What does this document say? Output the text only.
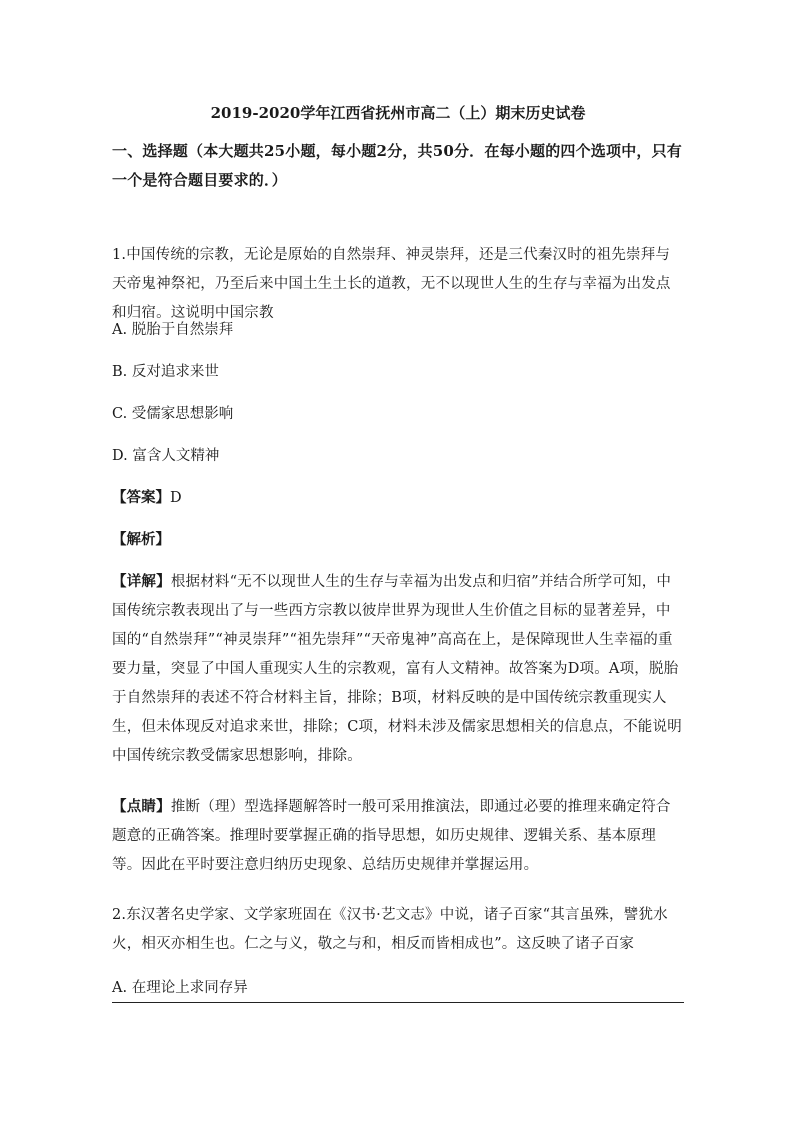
2019-2020学年江西省抚州市高二（上）期末历史试卷
一、选择题（本大题共25小题，每小题2分，共50分．在每小题的四个选项中，只有一个是符合题目要求的．）
1.中国传统的宗教，无论是原始的自然崇拜、神灵崇拜，还是三代秦汉时的祖先崇拜与天帝鬼神祭祀，乃至后来中国土生土长的道教，无不以现世人生的生存与幸福为出发点和归宿。这说明中国宗教
A. 脱胎于自然崇拜
B. 反对追求来世
C. 受儒家思想影响
D. 富含人文精神
【答案】D
【解析】
【详解】根据材料“无不以现世人生的生存与幸福为出发点和归宿”并结合所学可知，中国传统宗教表现出了与一些西方宗教以彼岸世界为现世人生价值之目标的显著差异，中国的“自然崇拜”“神灵崇拜”“祖先崇拜”“天帝鬼神”高高在上，是保障现世人生幸福的重要力量，突显了中国人重现实人生的宗教观，富有人文精神。故答案为D项。A项，脱胎于自然崇拜的表述不符合材料主旨，排除；B项，材料反映的是中国传统宗教重现实人生，但未体现反对追求来世，排除；C项，材料未涉及儒家思想相关的信息点，不能说明中国传统宗教受儒家思想影响，排除。
【点睛】推断（理）型选择题解答时一般可采用推演法，即通过必要的推理来确定符合题意的正确答案。推理时要掌握正确的指导思想，如历史规律、逻辑关系、基本原理等。因此在平时要注意归纳历史现象、总结历史规律并掌握运用。
2.东汉著名史学家、文学家班固在《汉书·艺文志》中说，诸子百家“其言虽殊，譬犹水火，相灭亦相生也。仁之与义，敬之与和，相反而皆相成也”。这反映了诸子百家
A. 在理论上求同存异
